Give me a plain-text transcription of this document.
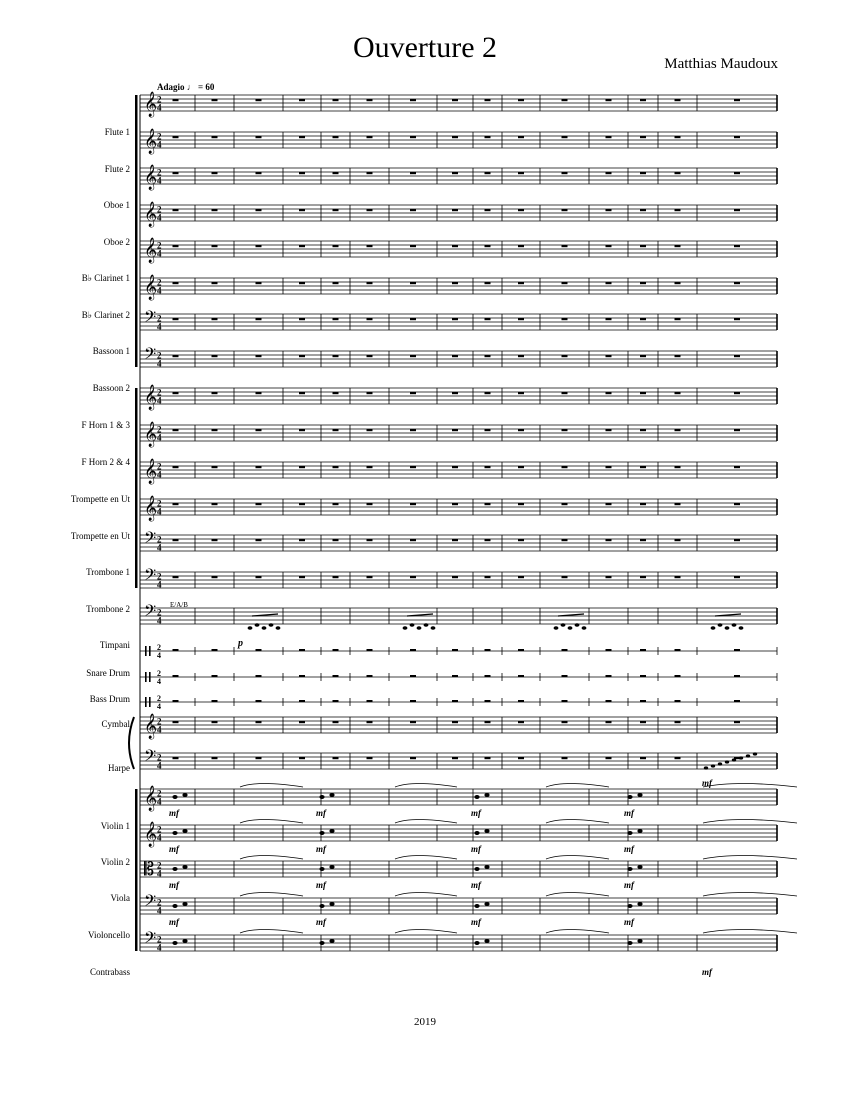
Ouverture 2	Matthias Maudoux
Adagio ♩ = 60
E/A/B
Flute 1
Flute 2
Oboe 1
Oboe 2
B♭ Clarinet 1
B♭ Clarinet 2
Bassoon 1
Bassoon 2
F Horn 1 & 3
F Horn 2 & 4
Trompette en Ut
Trompette en Ut
Trombone 1
Trombone 2
Timpani
Snare Drum
Bass Drum
Cymbal
Harpe
Violin 1
Violin 2
Viola
Violoncello
Contrabass
𝄞 2
4
𝄞 2
4
𝄞 2
4
𝄞 2
4
𝄞 2
4
𝄞 2
4
𝄢 2
4
𝄢 2
4
𝄞 2
4
𝄞 2
4
𝄞 2
4
𝄞 2
4
𝄢 2
4
𝄢 2
4
𝄢 2
4
p
2
4
2
4
2
4
𝄞 2
4
𝄢 2
4
mf
𝄞 2
4
mf	mf	mf	mf
𝄞 2
4
mf	mf	mf	mf
𝄡 2
4
mf	mf	mf	mf
𝄢 2
4
mf	mf	mf	mf
𝄢 2
4
mf
2019
